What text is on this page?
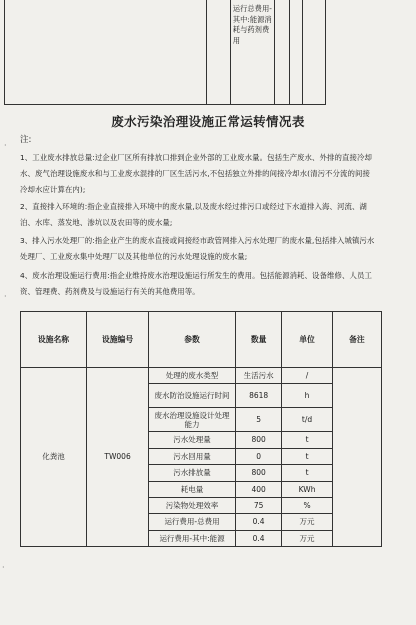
		运行总费用-其中:能源消耗与药剂费用			
废水污染治理设施正常运转情况表
注:
1、工业废水排放总量:过企业厂区所有排放口排到企业外部的工业废水量。包括生产废水、外排的直接冷却水、废气治理设施废水和与工业废水混排的厂区生活污水,不包括独立外排的间接冷却水(清污不分流的间接冷却水应计算在内);
2、直接排入环境的:指企业直接排入环境中的废水量,以及废水经过排污口或经过下水道排入海、河流、湖泊、水库、蒸发地、渗坑以及农田等的废水量;
3、排入污水处理厂的:指企业产生的废水直接或间接经市政管网排入污水处理厂的废水量,包括排入城镇污水处理厂、工业废水集中处理厂以及其他单位的污水处理设施的废水量;
4、废水治理设施运行费用:指企业维持废水治理设施运行所发生的费用。包括能源消耗、设备维修、人员工资、管理费、药剂费及与设施运行有关的其他费用等。
设施名称	设施编号	参数	数量	单位	备注
化粪池	TW006	处理的废水类型	生活污水	/	
		废水防治设施运行时间	8618	h	
		废水治理设施设计处理能力	5	t/d	
		污水处理量	800	t	
		污水回用量	0	t	
		污水排放量	800	t	
		耗电量	400	KWh	
		污染物处理效率	75	%	
		运行费用-总费用	0.4	万元	
		运行费用-其中:能源	0.4	万元	
·
·
·
